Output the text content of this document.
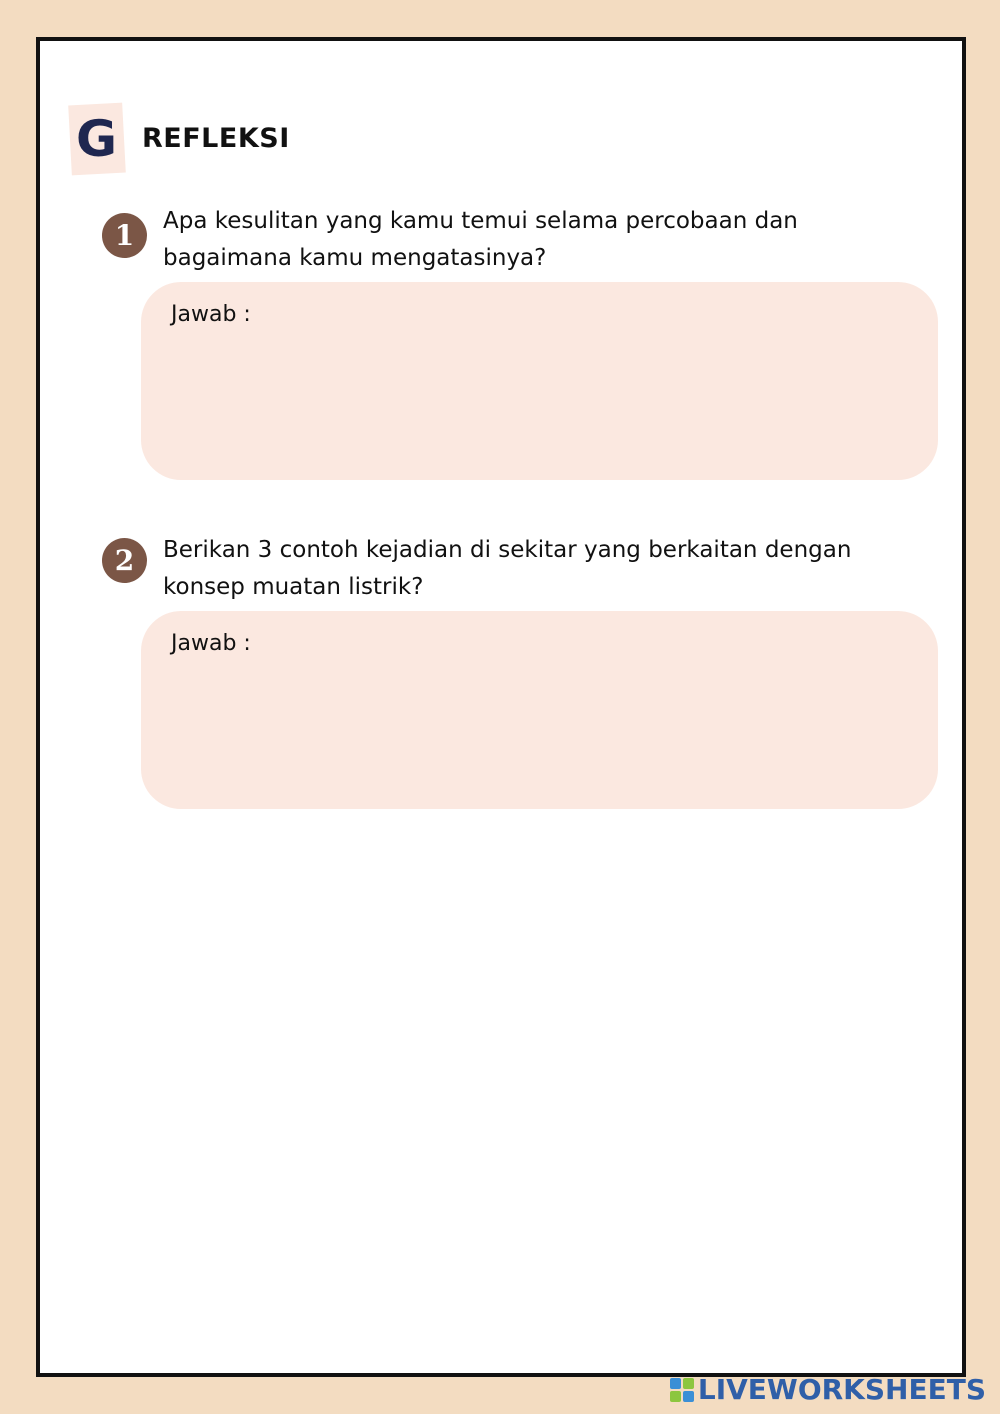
G REFLEKSI
1 Apa kesulitan yang kamu temui selama percobaan dan bagaimana kamu mengatasinya?
Jawab :
2 Berikan 3 contoh kejadian di sekitar yang berkaitan dengan konsep muatan listrik?
Jawab :
LIVEWORKSHEETS
